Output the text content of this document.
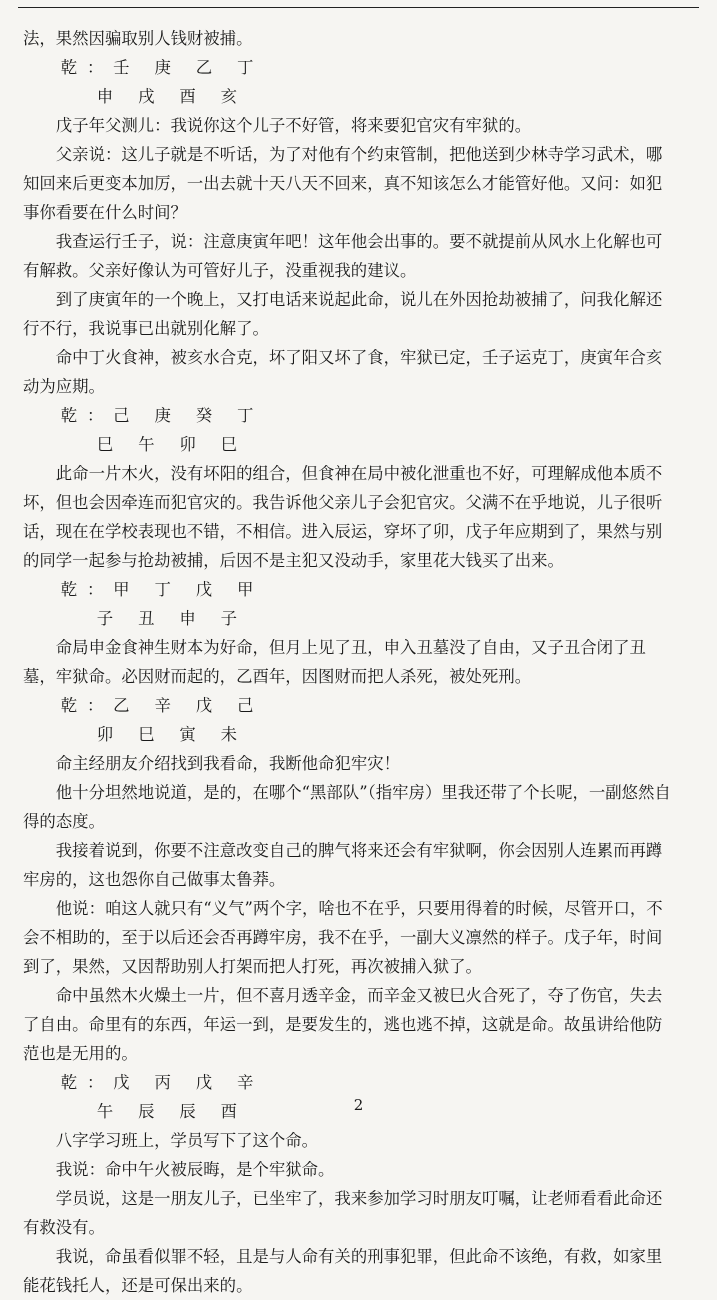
法，果然因骗取别人钱财被捕。

乾：壬 庚 乙 丁

申 戌 酉 亥

戊子年父测儿：我说你这个儿子不好管，将来要犯官灾有牢狱的。

父亲说：这儿子就是不听话，为了对他有个约束管制，把他送到少林寺学习武术，哪知回来后更变本加厉，一出去就十天八天不回来，真不知该怎么才能管好他。又问：如犯事你看要在什么时间？

我查运行壬子，说：注意庚寅年吧！这年他会出事的。要不就提前从风水上化解也可有解救。父亲好像认为可管好儿子，没重视我的建议。

到了庚寅年的一个晚上，又打电话来说起此命，说儿在外因抢劫被捕了，问我化解还行不行，我说事已出就别化解了。

命中丁火食神，被亥水合克，坏了阳又坏了食，牢狱已定，壬子运克丁，庚寅年合亥动为应期。

乾：己 庚 癸 丁

巳 午 卯 巳

此命一片木火，没有坏阳的组合，但食神在局中被化泄重也不好，可理解成他本质不坏，但也会因牵连而犯官灾的。我告诉他父亲儿子会犯官灾。父满不在乎地说，儿子很听话，现在在学校表现也不错，不相信。进入辰运，穿坏了卯，戊子年应期到了，果然与别的同学一起参与抢劫被捕，后因不是主犯又没动手，家里花大钱买了出来。

乾：甲 丁 戊 甲

子 丑 申 子

命局申金食神生财本为好命，但月上见了丑，申入丑墓没了自由，又子丑合闭了丑墓，牢狱命。必因财而起的，乙酉年，因图财而把人杀死，被处死刑。

乾：乙 辛 戊 己

卯 巳 寅 未

命主经朋友介绍找到我看命，我断他命犯牢灾！

他十分坦然地说道，是的，在哪个“黑部队”（指牢房）里我还带了个长呢，一副悠然自得的态度。

我接着说到，你要不注意改变自己的脾气将来还会有牢狱啊，你会因别人连累而再蹲牢房的，这也怨你自己做事太鲁莽。

他说：咱这人就只有“义气”两个字，啥也不在乎，只要用得着的时候，尽管开口，不会不相助的，至于以后还会否再蹲牢房，我不在乎，一副大义凛然的样子。戊子年，时间到了，果然，又因帮助别人打架而把人打死，再次被捕入狱了。

命中虽然木火燥土一片，但不喜月透辛金，而辛金又被巳火合死了，夺了伤官，失去了自由。命里有的东西，年运一到，是要发生的，逃也逃不掉，这就是命。故虽讲给他防范也是无用的。

乾：戊 丙 戊 辛

午 辰 辰 酉

八字学习班上，学员写下了这个命。

我说：命中午火被辰晦，是个牢狱命。

学员说，这是一朋友儿子，已坐牢了，我来参加学习时朋友叮嘱，让老师看看此命还有救没有。

我说，命虽看似罪不轻，且是与人命有关的刑事犯罪，但此命不该绝，有救，如家里能花钱托人，还是可保出来的。

2
